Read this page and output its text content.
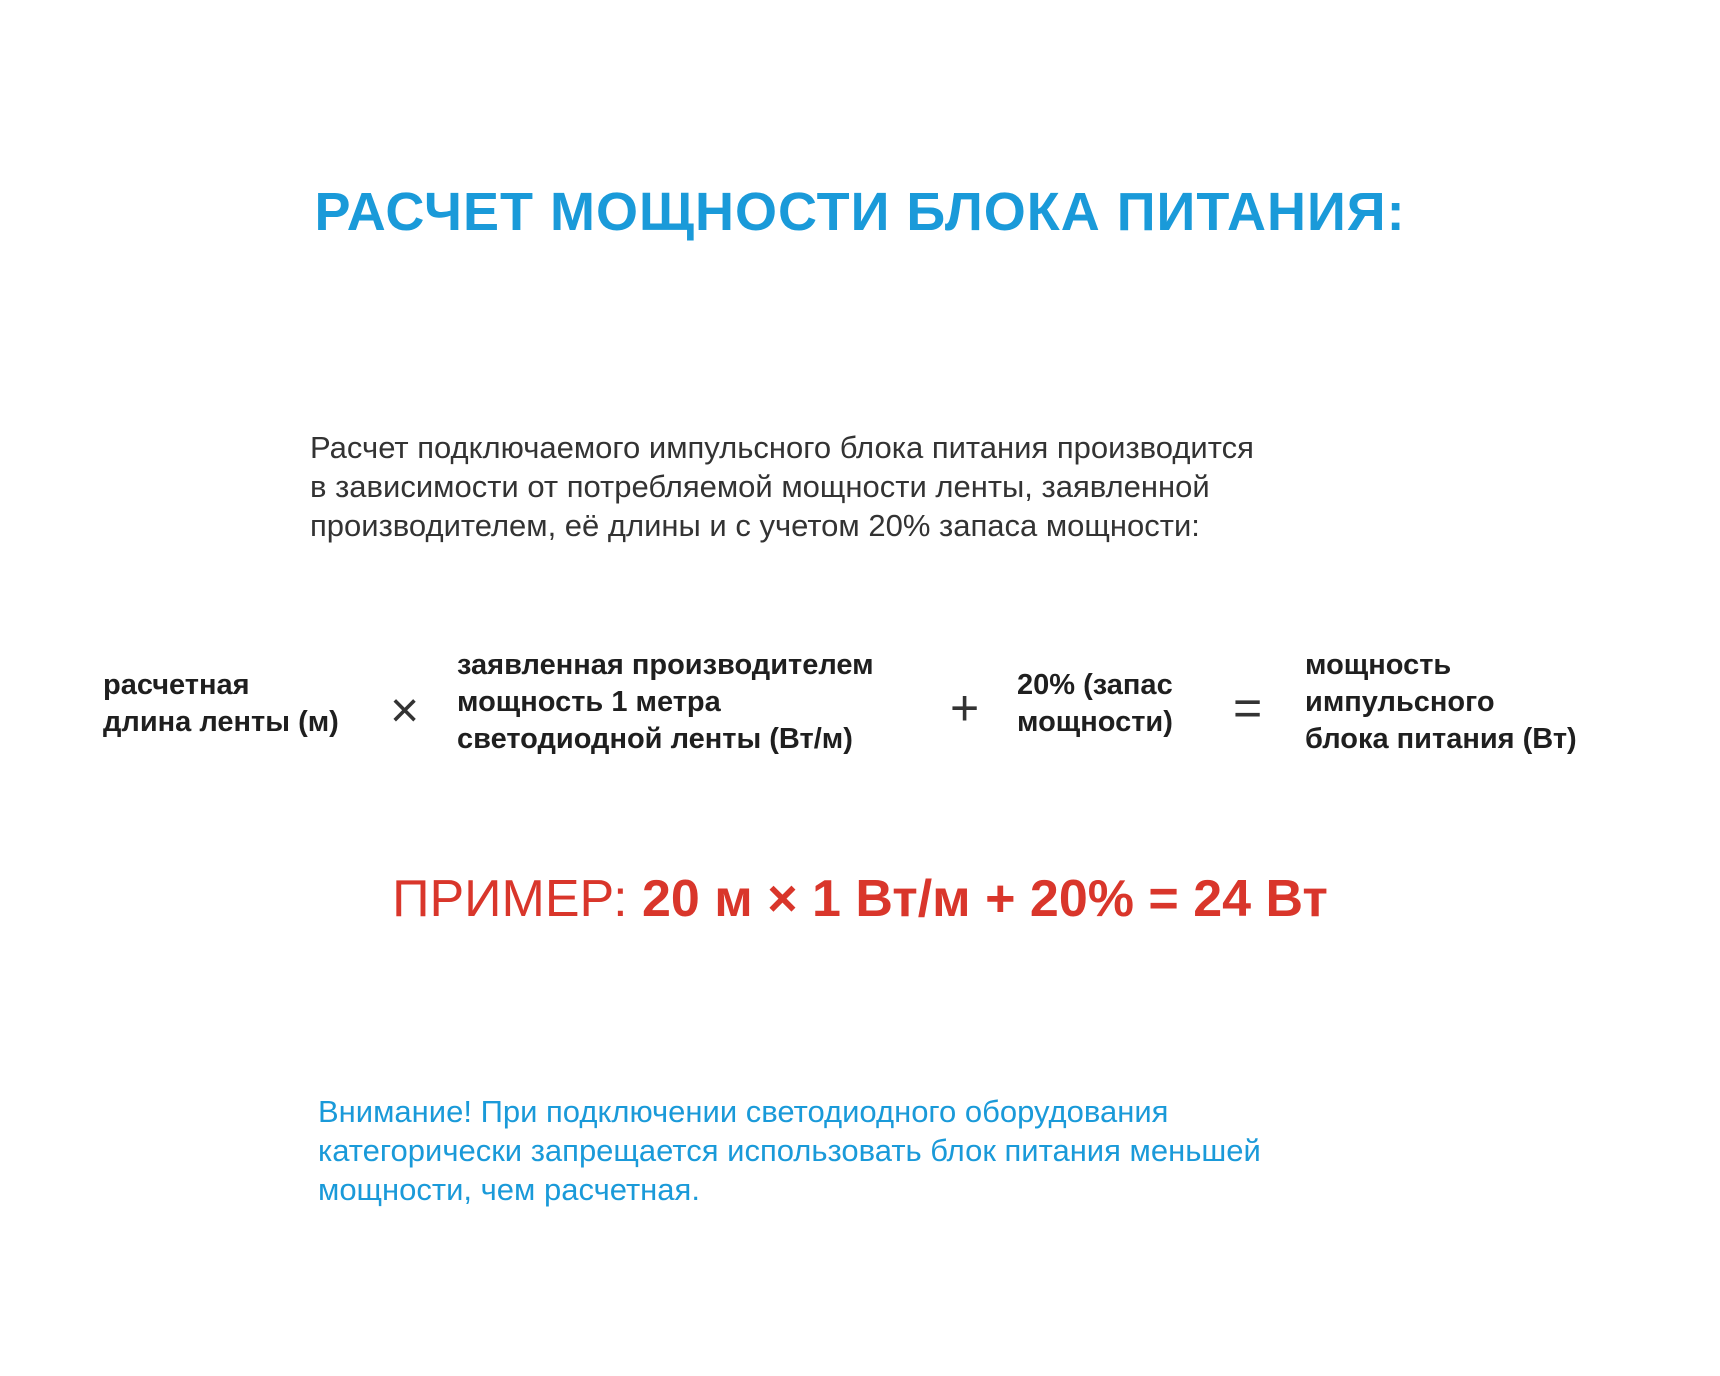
РАСЧЕТ МОЩНОСТИ БЛОКА ПИТАНИЯ:
Расчет подключаемого импульсного блока питания производится
в зависимости от потребляемой мощности ленты, заявленной
производителем, её длины и с учетом 20% запаса мощности:
расчетная
длина ленты (м) ×
заявленная производителем
мощность 1 метра
светодиодной ленты (Вт/м)
+ 20% (запас
мощности) =
мощность
импульсного
блока питания (Вт)
ПРИМЕР: 20 м × 1 Вт/м + 20% = 24 Вт
Внимание! При подключении светодиодного оборудования
категорически запрещается использовать блок питания меньшей
мощности, чем расчетная.
